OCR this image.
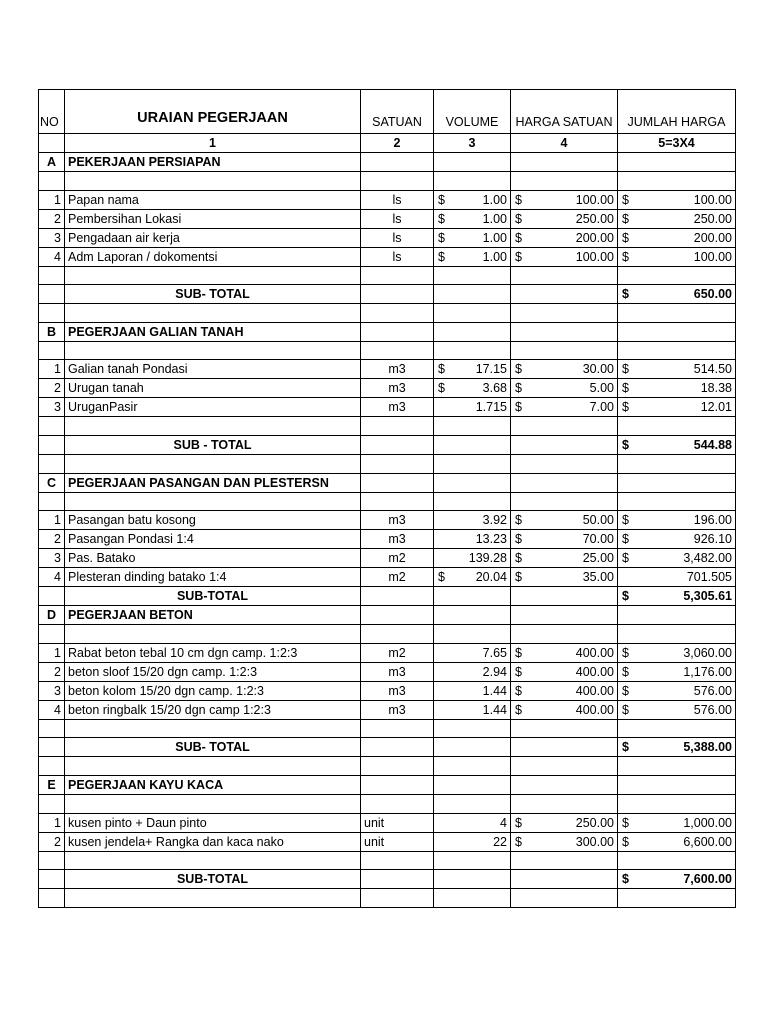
NO	URAIAN PEGERJAAN	SATUAN	VOLUME	HARGA SATUAN	JUMLAH HARGA
	1	2	3	4	5=3X4
A	PEKERJAAN PERSIAPAN				

1	Papan nama	ls	$ 1.00	$ 100.00	$ 100.00

2	Pembersihan Lokasi	ls	$ 1.00	$ 250.00	$ 250.00

3	Pengadaan air kerja	ls	$ 1.00	$ 200.00	$ 200.00

4	Adm Laporan / dokomentsi	ls	$ 1.00	$ 100.00	$ 100.00

	SUB- TOTAL				$ 650.00

B	PEGERJAAN GALIAN TANAH				

1	Galian tanah Pondasi	m3	$ 17.15	$ 30.00	$ 514.50

2	Urugan tanah	m3	$ 3.68	$ 5.00	$ 18.38

3	UruganPasir	m3	1.715	$ 7.00	$ 12.01

	SUB - TOTAL				$ 544.88

C	PEGERJAAN PASANGAN DAN PLESTERSN				

1	Pasangan batu kosong	m3	3.92	$ 50.00	$ 196.00

2	Pasangan Pondasi 1:4	m3	13.23	$ 70.00	$ 926.10

3	Pas. Batako	m2	139.28	$ 25.00	$ 3,482.00

4	Plesteran dinding batako 1:4	m2	$ 20.04	$ 35.00	701.505

	SUB-TOTAL				$ 5,305.61

D	PEGERJAAN BETON				

1	Rabat beton tebal 10 cm dgn camp. 1:2:3	m2	7.65	$ 400.00	$ 3,060.00

2	beton sloof 15/20 dgn camp. 1:2:3	m3	2.94	$ 400.00	$ 1,176.00

3	beton kolom 15/20 dgn camp. 1:2:3	m3	1.44	$ 400.00	$ 576.00

4	beton ringbalk 15/20 dgn camp 1:2:3	m3	1.44	$ 400.00	$ 576.00

	SUB- TOTAL				$ 5,388.00

E	PEGERJAAN KAYU KACA				

1	kusen pinto + Daun pinto	unit	4	$ 250.00	$ 1,000.00

2	kusen jendela+ Rangka dan kaca nako	unit	22	$ 300.00	$ 6,600.00

	SUB-TOTAL				$ 7,600.00
